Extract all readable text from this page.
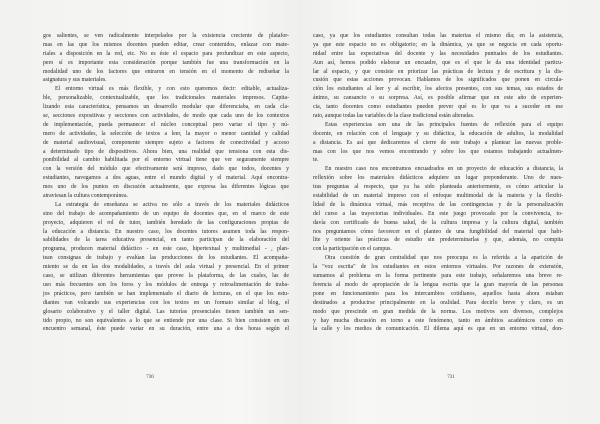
gos salientes, se ven radicalmente interpelados por la existencia creciente de platafor-
mas en las que los mismos docentes pueden editar, crear contenidos, enlazar con mate-
riales a disposición en la red, etc. No es éste el espacio para profundizar en este aspecto,
pero sí es importante esta consideración porque también fue una transformación en la
modalidad uno de los factores que entraron en tensión en el momento de rediseñar la
asignatura y sus materiales.
El entorno virtual es más flexible, y con esto queremos decir: editable, actualiza-
ble, personalizable, contextualizable, que los tradicionales materiales impresos. Capita-
lizando esta característica, pensamos un desarrollo modular que diferenciaba, en cada cla-
se, secciones expositivas y secciones con actividades, de modo que cada uno de los contextos
de implementación, pueda permanecer el núcleo conceptual pero variar el tipo y nú-
mero de actividades, la selección de textos a leer, la mayor o menor cantidad y calidad
de material audiovisual, componente siempre sujeto a factores de conectividad y acceso
a determinado tipo de dispositivos. Ahora bien, una realidad que tensiona con esta dis-
ponibilidad al cambio habilitada por el entorno virtual tiene que ver seguramente siempre
con la versión del módulo que efectivamente será impreso, dado que todos, docentes y
estudiantes, navegamos a dos aguas, entre el mundo digital y el material. Aquí encontra-
mos uno de los puntos en discusión actualmente, que expresa las diferentes lógicas que
atraviesan la cultura contemporánea.
La estrategia de enseñanza se activa no sólo a través de los materiales didácticos
sino del trabajo de acompañamiento de un equipo de docentes que, en el marco de este
proyecto, adquieren el rol de tutor, también heredado de las configuraciones propias de
la educación a distancia. En nuestro caso, los docentes tutores asumen toda las respon-
sabilidades de la tarea educativa presencial, en tanto participan de la elaboración del
programa, producen material didáctico - en este caso, hipertextual y multimedial - , plan-
tean consignas de trabajo y evalúan las producciones de los estudiantes. El acompaña-
miento se da en las dos modalidades, a través del aula virtual y presencial. En el primer
caso, se utilizan diferentes herramientas que provee la plataforma, de las cuales, las de
uso más frecuentes son los foros y los módulos de entrega y retroalimentación de traba-
jos prácticos, pero también se han implementado el diario de lecturas, en el que los estu-
diantes van volcando sus experiencias con los textos en un formato similar al blog, el
glosario colaborativo y el taller digital. Las tutorías presenciales tienen también un sen-
tido propio, no son equivalentes a lo que se entiende por una clase. Si bien consisten en un
encuentro semanal, éste puede variar en su duración, entre una a dos horas según el
730
caso, ya que los estudiantes consultan todas las materias el mismo día; en la asistencia,
ya que este espacio no es obligatorio; en la dinámica, ya que se negocia en cada oportu-
nidad entre las expectativas del docente y las necesidades puntuales de los estudiantes.
Aun así, hemos podido elaborar un encuadre, que es el que le da una identidad particu-
lar al espacio, y que consiste en priorizar las prácticas de lectura y de escritura y la dis-
cusión que estas acciones provocan. Hablamos de los significados que ponen en circula-
ción los estudiantes al leer y al escribir, los afectos presentes, con sus temas, sus estados de
ánimo, su cansancio o su sorpresa. Así, es posible afirmar que en este año de experien-
cia, tanto docentes como estudiantes pueden prever qué es lo que va a suceder en ese
rato, aunque todas las variables de la clase tradicional están alteradas.
Estas experiencias son una de las principales fuentes de reflexión para el equipo
docente, en relación con el lenguaje y su didáctica, la educación de adultos, la modalidad
a distancia. Es así que dedicaremos el cierre de este trabajo a plantear las nuevas proble-
mas con los que nos vemos encontrando y sobre los que estamos trabajando actualmen-
te.
En nuestro caso nos encontramos encuadrados en un proyecto de educación a distancia, la
reflexión sobre los materiales didácticos adquiere un lugar preponderante. Uno de nues-
tras preguntas al respecto, que ya ha sido planteada anteriormente, es cómo articular la
estabilidad de un material impreso con el enfoque multimodal de la materia y la flexibi-
lidad de la dinámica virtual, más receptiva de las contingencias y de la personalización
del curso a las trayectorias individuales. En este juego provocado por la convivencia, to-
davía con certificado de buena salud, de la cultura impresa y la cultura digital, también
nos preguntamos cómo favorecer en el planteo de una fungibilidad del material que habi-
lite y oriente las prácticas de estudio sin predeterminarlas y que, además, no compita
con la participación en el campus.
Otra cuestión de gran centralidad que nos preocupa es la referida a la aparición de
la "voz escrita" de los estudiantes en estos entornos virtuales. Por razones de extensión,
sumamos al problema en la forma pertinente para este trabajo, señalaremos una breve re-
ferencia al modo de apropiación de la lengua escrita que la gran mayoría de las personas
pone en funcionamiento para los intercambios cotidianos, aquellos hasta ahora estaban
destinados a producirse principalmente en la oralidad. Para decirlo breve y claro, es un
modo que prescinde en gran medida de la norma. Los motivos son diversos, complejos
y hay mucha discusión en torno a este fenómeno, tanto en ámbitos académicos como en
la calle y los medios de comunicación. El dilema aquí es que en un entorno virtual, don-
731
